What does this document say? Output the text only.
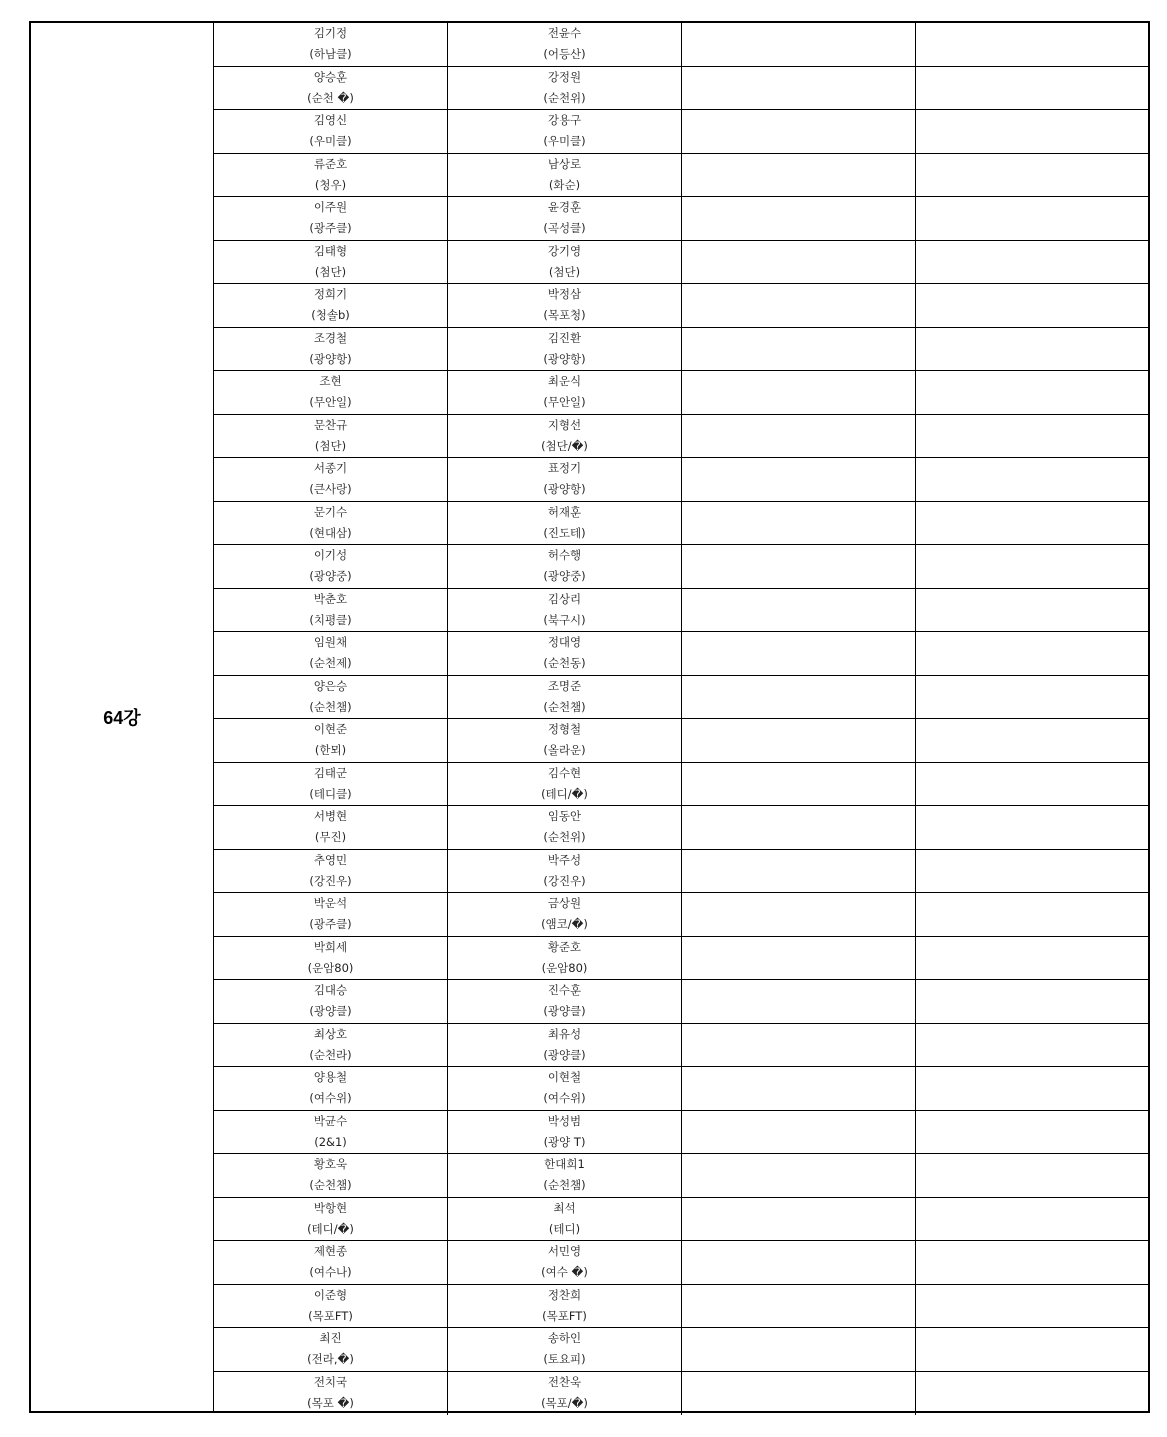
64강
김기정
(하남클)
전윤수
(어등산)
양승훈
(순천 �)
강정원
(순천위)
김영신
(우미클)
강용구
(우미클)
류준호
(청우)
남상로
(화순)
이주원
(광주클)
윤경훈
(곡성클)
김태형
(첨단)
강기영
(첨단)
정희기
(청솔b)
박정삼
(목포청)
조경철
(광양항)
김진환
(광양항)
조현
(무안일)
최운식
(무안일)
문찬규
(첨단)
지형선
(첨단/�)
서종기
(큰사랑)
표정기
(광양항)
문기수
(현대삼)
허재훈
(진도테)
이기성
(광양중)
허수행
(광양중)
박춘호
(치평클)
김상리
(북구시)
임원채
(순천제)
정대영
(순천동)
양은승
(순천챔)
조명준
(순천챔)
이현준
(한뫼)
정형철
(올라운)
김태군
(테디클)
김수현
(테디/�)
서병현
(무진)
임동안
(순천위)
추영민
(강진우)
박주성
(강진우)
박운석
(광주클)
금상원
(앰코/�)
박희세
(운암80)
황준호
(운암80)
김대승
(광양클)
진수훈
(광양클)
최상호
(순천라)
최유성
(광양클)
양용철
(여수위)
이현철
(여수위)
박균수
(2&1)
박성범
(광양 T)
황호욱
(순천챔)
한대희1
(순천챔)
박항현
(테디/�)
최석
(테디)
제현종
(여수나)
서민영
(여수 �)
이준형
(목포FT)
정찬희
(목포FT)
최진
(전라,�)
송하인
(토요피)
전치국
(목포 �)
전찬욱
(목포/�)
